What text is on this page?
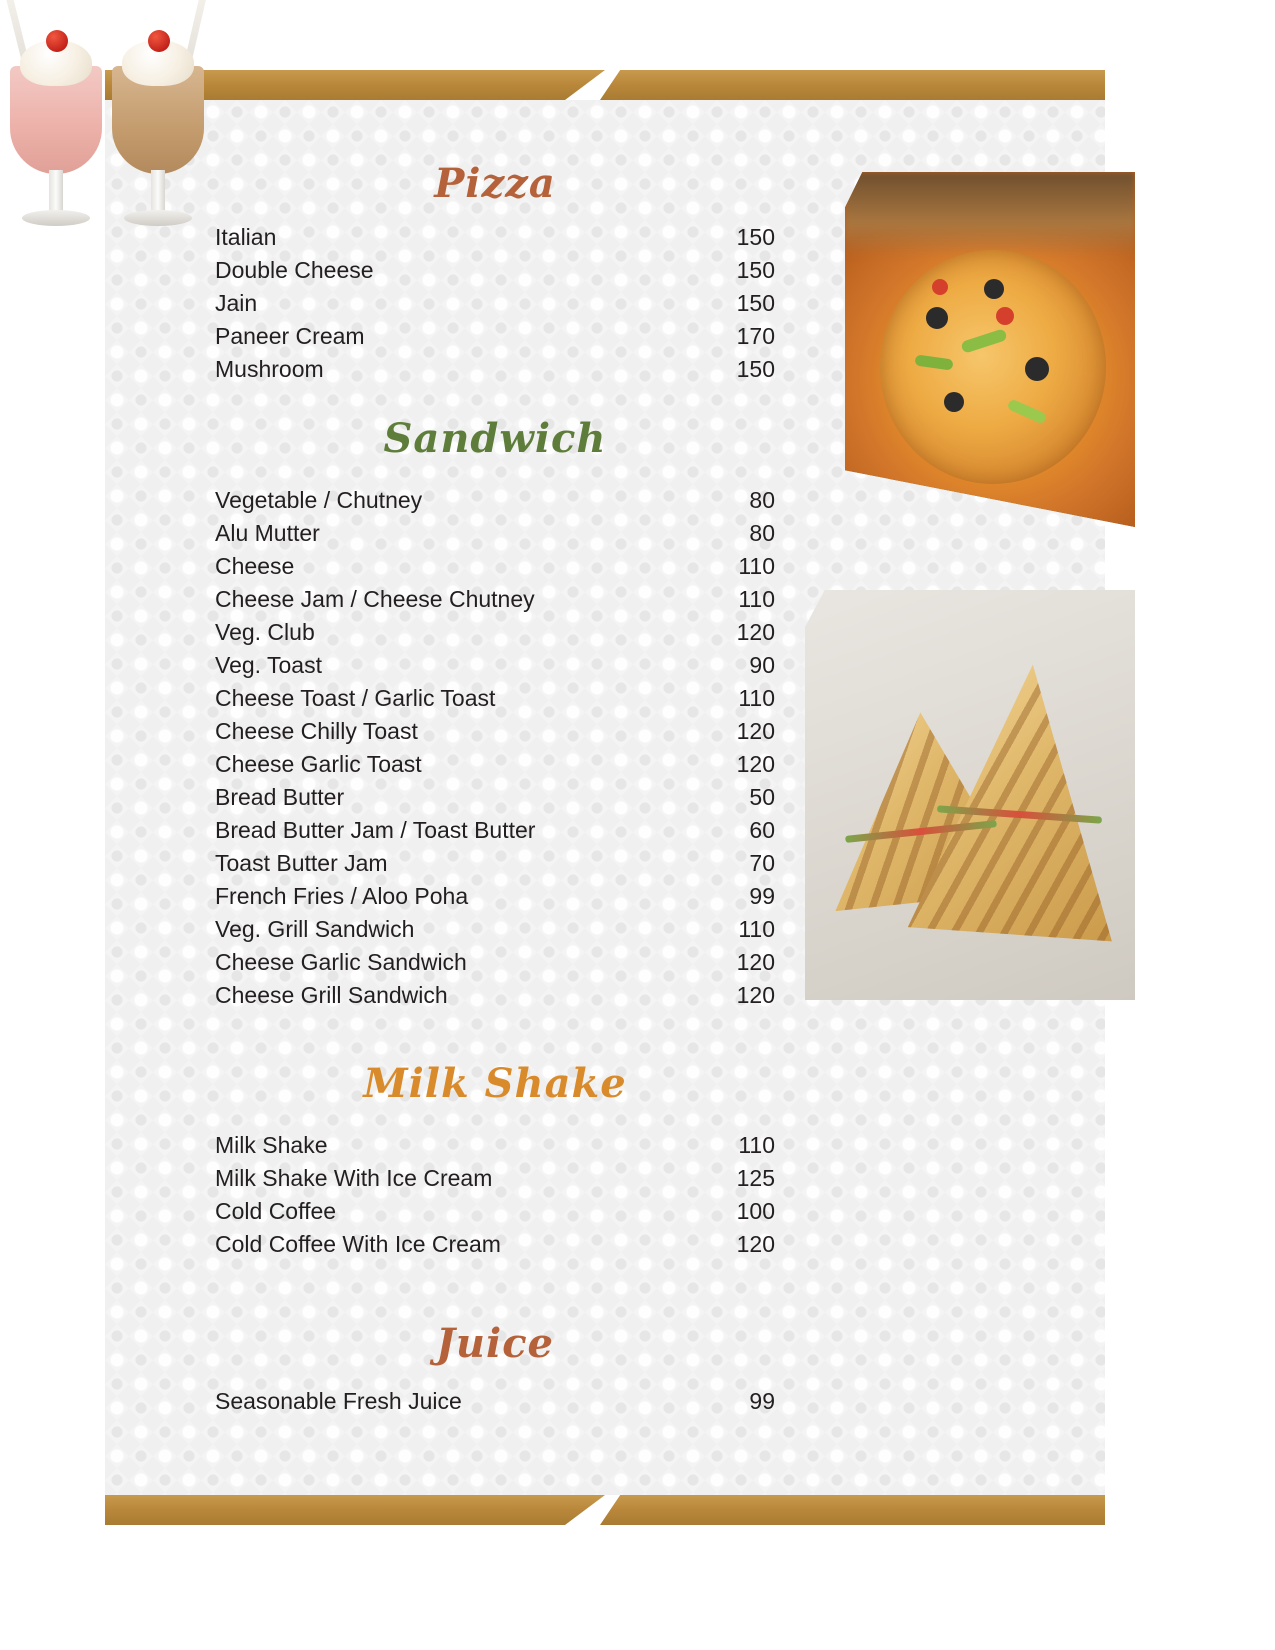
Pizza
Italian	150
Double Cheese	150
Jain	150
Paneer Cream	170
Mushroom	150
Sandwich
Vegetable / Chutney	80
Alu Mutter	80
Cheese	110
Cheese Jam / Cheese Chutney	110
Veg. Club	120
Veg. Toast	90
Cheese Toast / Garlic Toast	110
Cheese Chilly Toast	120
Cheese Garlic Toast	120
Bread Butter	50
Bread Butter Jam / Toast Butter	60
Toast Butter Jam	70
French Fries / Aloo Poha	99
Veg. Grill Sandwich	110
Cheese Garlic Sandwich	120
Cheese Grill Sandwich	120
Milk Shake
Milk Shake	110
Milk Shake With Ice Cream	125
Cold Coffee	100
Cold Coffee With Ice Cream	120
Juice
Seasonable Fresh Juice	99
